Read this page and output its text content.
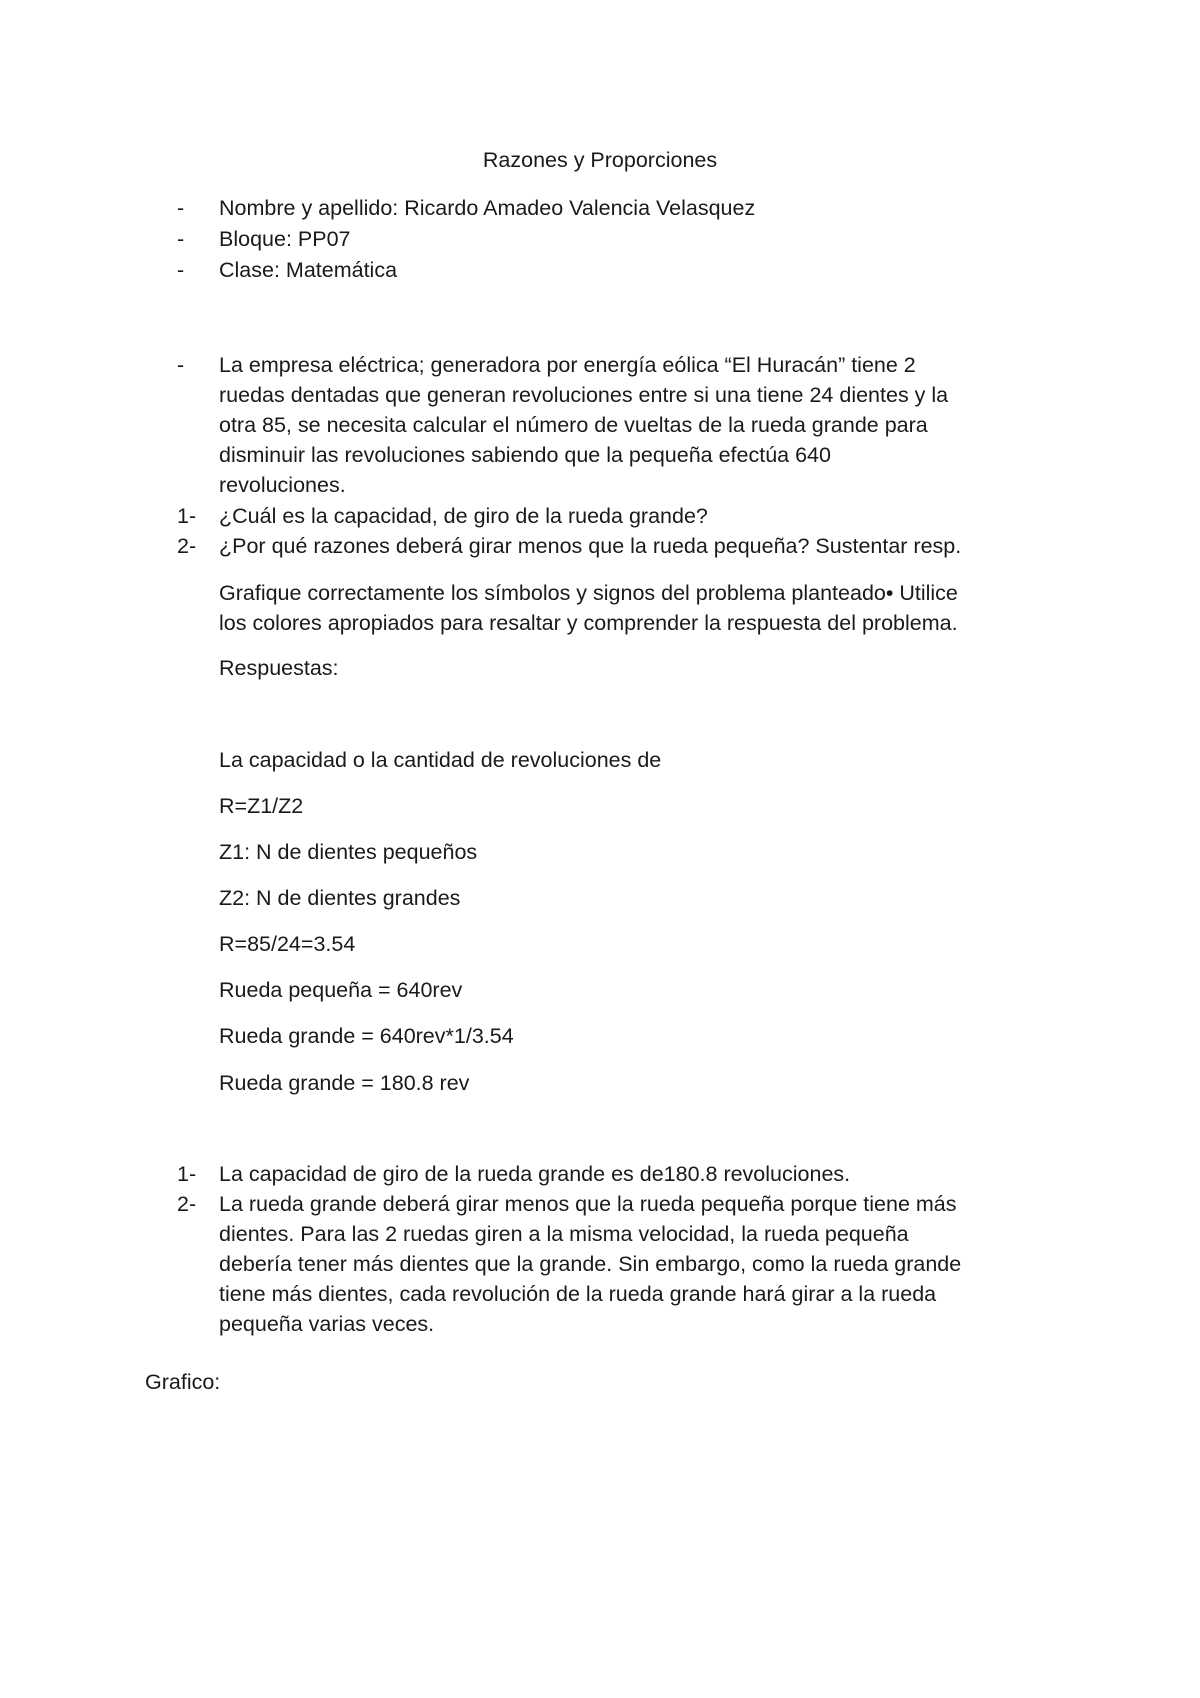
Razones y Proporciones
-	Nombre y apellido: Ricardo Amadeo Valencia Velasquez
-	Bloque: PP07
-	Clase: Matemática
-	La empresa eléctrica; generadora por energía eólica “El Huracán” tiene 2
ruedas dentadas que generan revoluciones entre si una tiene 24 dientes y la
otra 85, se necesita calcular el número de vueltas de la rueda grande para
disminuir las revoluciones sabiendo que la pequeña efectúa 640
revoluciones.
1-	¿Cuál es la capacidad, de giro de la rueda grande?
2-	¿Por qué razones deberá girar menos que la rueda pequeña? Sustentar resp.
Grafique correctamente los símbolos y signos del problema planteado• Utilice
los colores apropiados para resaltar y comprender la respuesta del problema.
Respuestas:
La capacidad o la cantidad de revoluciones de
R=Z1/Z2
Z1: N de dientes pequeños
Z2: N de dientes grandes
R=85/24=3.54
Rueda pequeña = 640rev
Rueda grande = 640rev*1/3.54
Rueda grande = 180.8 rev
1-	La capacidad de giro de la rueda grande es de180.8 revoluciones.
2-	La rueda grande deberá girar menos que la rueda pequeña porque tiene más
dientes. Para las 2 ruedas giren a la misma velocidad, la rueda pequeña
debería tener más dientes que la grande. Sin embargo, como la rueda grande
tiene más dientes, cada revolución de la rueda grande hará girar a la rueda
pequeña varias veces.
Grafico:
